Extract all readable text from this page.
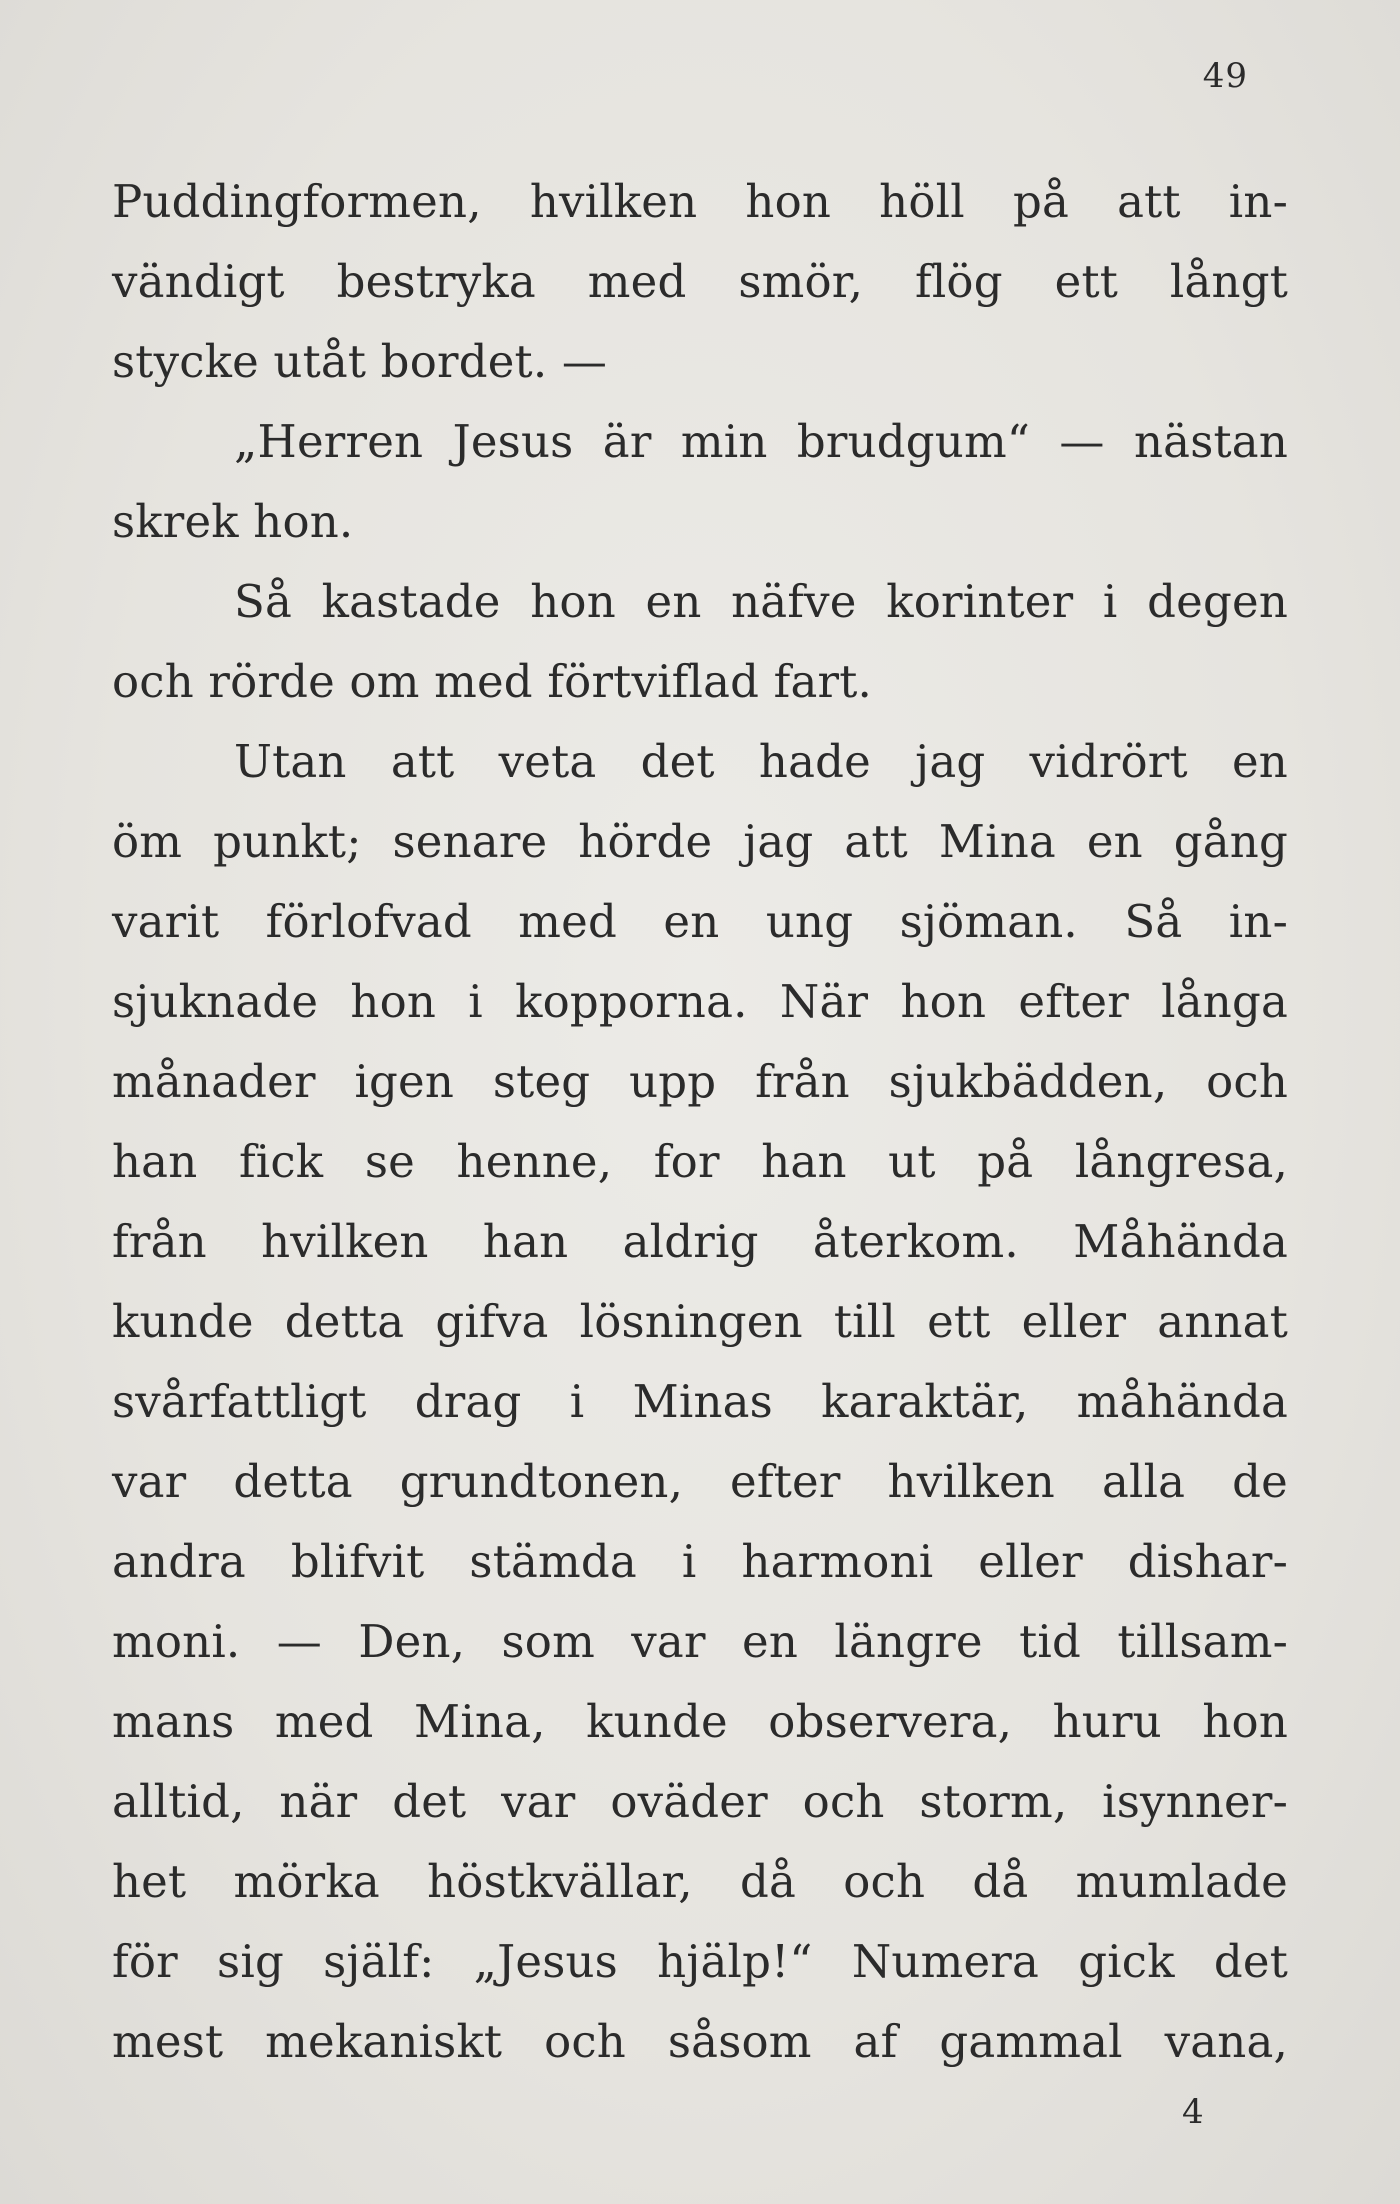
49
Puddingformen, hvilken hon höll på att in-
vändigt bestryka med smör, flög ett långt
stycke utåt bordet. —
„Herren Jesus är min brudgum“ — nästan
skrek hon.
Så kastade hon en näfve korinter i degen
och rörde om med förtviflad fart.
Utan att veta det hade jag vidrört en
öm punkt; senare hörde jag att Mina en gång
varit förlofvad med en ung sjöman. Så in-
sjuknade hon i kopporna. När hon efter långa
månader igen steg upp från sjukbädden, och
han fick se henne, for han ut på långresa,
från hvilken han aldrig återkom. Måhända
kunde detta gifva lösningen till ett eller annat
svårfattligt drag i Minas karaktär, måhända
var detta grundtonen, efter hvilken alla de
andra blifvit stämda i harmoni eller dishar-
moni. — Den, som var en längre tid tillsam-
mans med Mina, kunde observera, huru hon
alltid, när det var oväder och storm, isynner-
het mörka höstkvällar, då och då mumlade
för sig själf: „Jesus hjälp!“ Numera gick det
mest mekaniskt och såsom af gammal vana,
4
